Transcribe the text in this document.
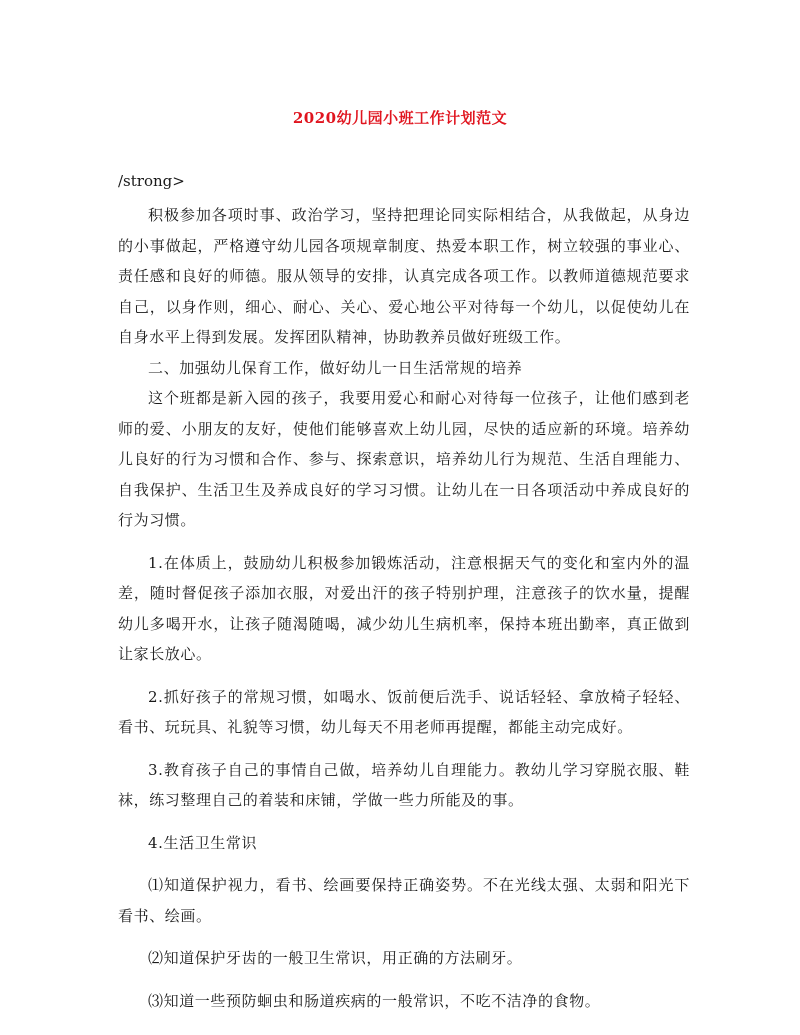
2020幼儿园小班工作计划范文
/strong>

积极参加各项时事、政治学习，坚持把理论同实际相结合，从我做起，从身边的小事做起，严格遵守幼儿园各项规章制度、热爱本职工作，树立较强的事业心、责任感和良好的师德。服从领导的安排，认真完成各项工作。以教师道德规范要求自己，以身作则，细心、耐心、关心、爱心地公平对待每一个幼儿，以促使幼儿在自身水平上得到发展。发挥团队精神，协助教养员做好班级工作。

二、加强幼儿保育工作，做好幼儿一日生活常规的培养

这个班都是新入园的孩子，我要用爱心和耐心对待每一位孩子，让他们感到老师的爱、小朋友的友好，使他们能够喜欢上幼儿园，尽快的适应新的环境。培养幼儿良好的行为习惯和合作、参与、探索意识，培养幼儿行为规范、生活自理能力、自我保护、生活卫生及养成良好的学习习惯。让幼儿在一日各项活动中养成良好的行为习惯。

1.在体质上，鼓励幼儿积极参加锻炼活动，注意根据天气的变化和室内外的温差，随时督促孩子添加衣服，对爱出汗的孩子特别护理，注意孩子的饮水量，提醒幼儿多喝开水，让孩子随渴随喝，减少幼儿生病机率，保持本班出勤率，真正做到让家长放心。

2.抓好孩子的常规习惯，如喝水、饭前便后洗手、说话轻轻、拿放椅子轻轻、看书、玩玩具、礼貌等习惯，幼儿每天不用老师再提醒，都能主动完成好。

3.教育孩子自己的事情自己做，培养幼儿自理能力。教幼儿学习穿脱衣服、鞋袜，练习整理自己的着装和床铺，学做一些力所能及的事。

4.生活卫生常识

⑴知道保护视力，看书、绘画要保持正确姿势。不在光线太强、太弱和阳光下看书、绘画。

⑵知道保护牙齿的一般卫生常识，用正确的方法刷牙。

⑶知道一些预防蛔虫和肠道疾病的一般常识，不吃不洁净的食物。
